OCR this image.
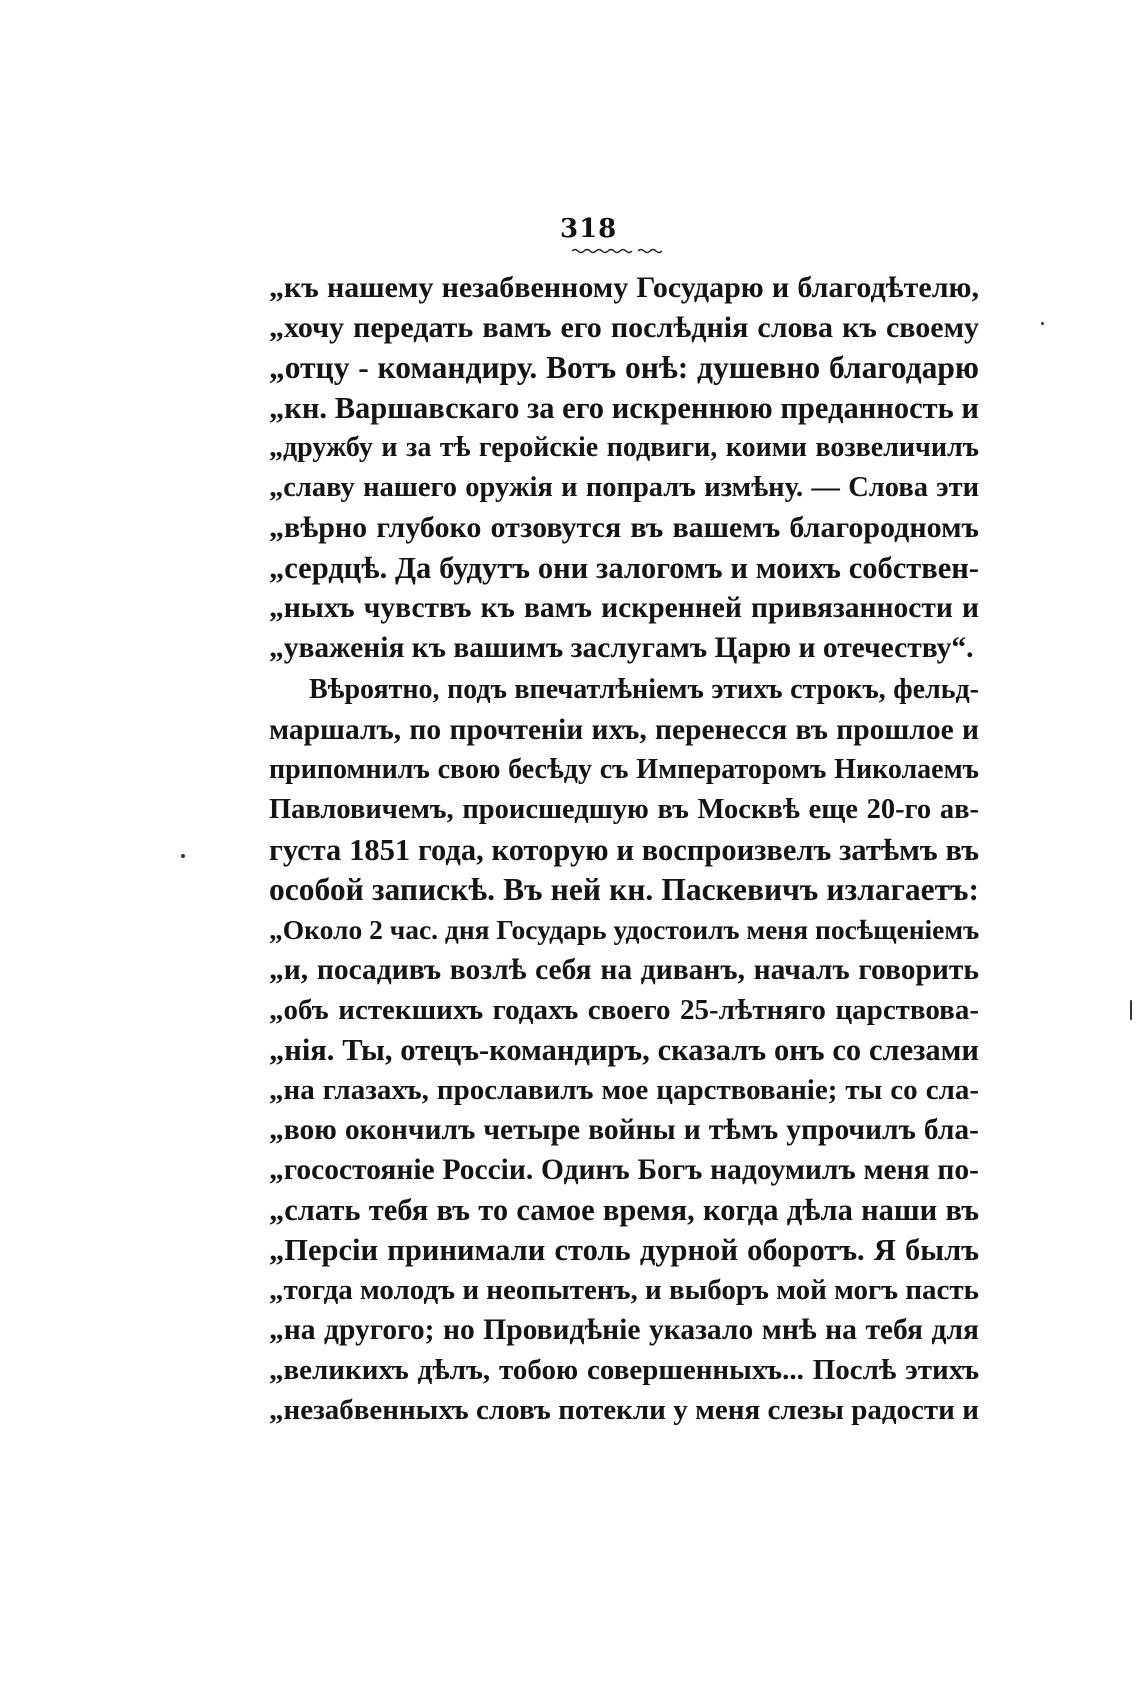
318
„къ нашему незабвенному Государю и благодѣтелю,
„хочу передать вамъ его послѣднія слова къ своему
„отцу - командиру. Вотъ онѣ: душевно благодарю
„кн. Варшавскаго за его искреннюю преданность и
„дружбу и за тѣ геройскіе подвиги, коими возвеличилъ
„славу нашего оружія и попралъ измѣну. — Слова эти
„вѣрно глубоко отзовутся въ вашемъ благородномъ
„сердцѣ. Да будутъ они залогомъ и моихъ собствен-
„ныхъ чувствъ къ вамъ искренней привязанности и
„уваженія къ вашимъ заслугамъ Царю и отечеству“.
Вѣроятно, подъ впечатлѣніемъ этихъ строкъ, фельд-
маршалъ, по прочтеніи ихъ, перенесся въ прошлое и
припомнилъ свою бесѣду съ Императоромъ Николаемъ
Павловичемъ, происшедшую въ Москвѣ еще 20-го ав-
густа 1851 года, которую и воспроизвелъ затѣмъ въ
особой запискѣ. Въ ней кн. Паскевичъ излагаетъ:
„Около 2 час. дня Государь удостоилъ меня посѣщеніемъ
„и, посадивъ возлѣ себя на диванъ, началъ говорить
„объ истекшихъ годахъ своего 25-лѣтняго царствова-
„нія. Ты, отецъ-командиръ, сказалъ онъ со слезами
„на глазахъ, прославилъ мое царствованіе; ты со сла-
„вою окончилъ четыре войны и тѣмъ упрочилъ бла-
„госостояніе Россіи. Одинъ Богъ надоумилъ меня по-
„слать тебя въ то самое время, когда дѣла наши въ
„Персіи принимали столь дурной оборотъ. Я былъ
„тогда молодъ и неопытенъ, и выборъ мой могъ пасть
„на другого; но Провидѣніе указало мнѣ на тебя для
„великихъ дѣлъ, тобою совершенныхъ... Послѣ этихъ
„незабвенныхъ словъ потекли у меня слезы радости и
